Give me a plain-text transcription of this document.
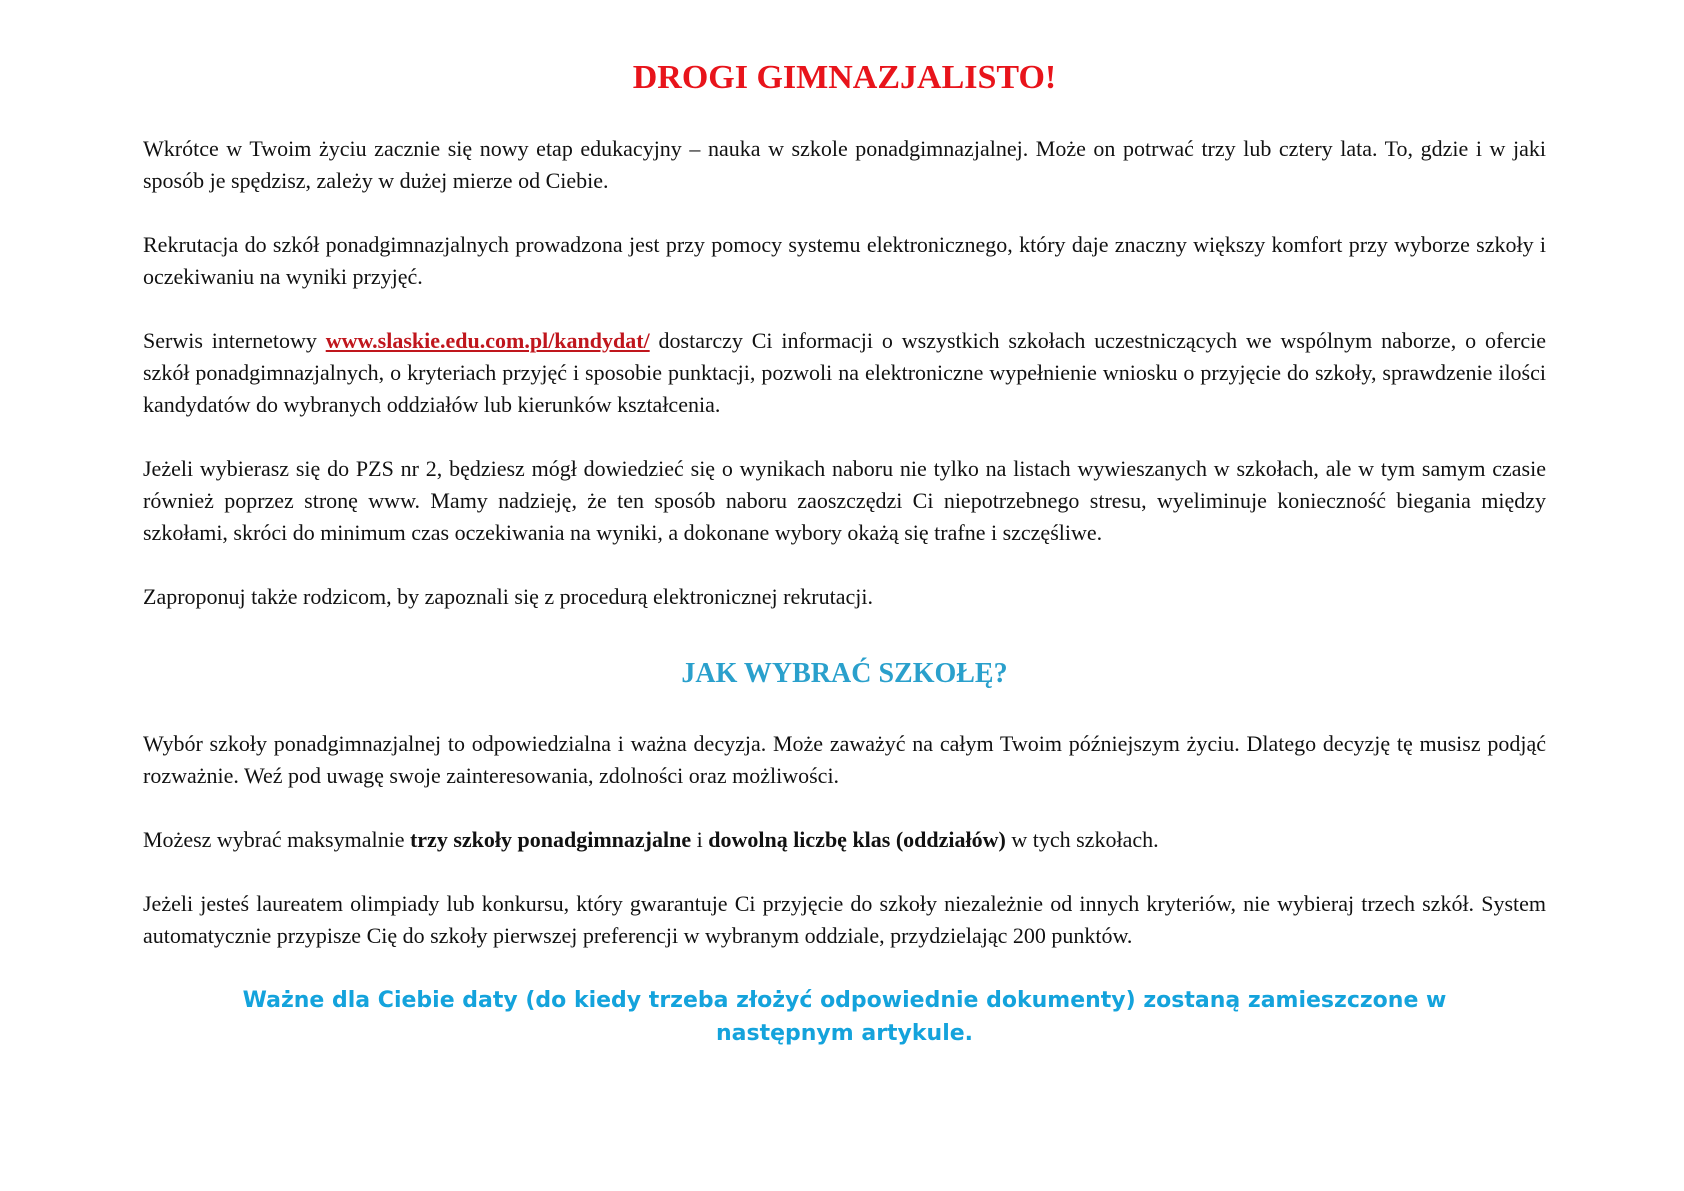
DROGI GIMNAZJALISTO!

Wkrótce w Twoim życiu zacznie się nowy etap edukacyjny – nauka w szkole ponadgimnazjalnej. Może on potrwać trzy lub cztery lata. To, gdzie i w jaki sposób je spędzisz, zależy w dużej mierze od Ciebie.

Rekrutacja do szkół ponadgimnazjalnych prowadzona jest przy pomocy systemu elektronicznego, który daje znaczny większy komfort przy wyborze szkoły i oczekiwaniu na wyniki przyjęć.

Serwis internetowy www.slaskie.edu.com.pl/kandydat/ dostarczy Ci informacji o wszystkich szkołach uczestniczących we wspólnym naborze, o ofercie szkół ponadgimnazjalnych, o kryteriach przyjęć i sposobie punktacji, pozwoli na elektroniczne wypełnienie wniosku o przyjęcie do szkoły, sprawdzenie ilości kandydatów do wybranych oddziałów lub kierunków kształcenia.

Jeżeli wybierasz się do PZS nr 2, będziesz mógł dowiedzieć się o wynikach naboru nie tylko na listach wywieszanych w szkołach, ale w tym samym czasie również poprzez stronę www. Mamy nadzieję, że ten sposób naboru zaoszczędzi Ci niepotrzebnego stresu, wyeliminuje konieczność biegania między szkołami, skróci do minimum czas oczekiwania na wyniki, a dokonane wybory okażą się trafne i szczęśliwe.

Zaproponuj także rodzicom, by zapoznali się z procedurą elektronicznej rekrutacji.

JAK WYBRAĆ SZKOŁĘ?

Wybór szkoły ponadgimnazjalnej to odpowiedzialna i ważna decyzja. Może zaważyć na całym Twoim późniejszym życiu. Dlatego decyzję tę musisz podjąć rozważnie. Weź pod uwagę swoje zainteresowania, zdolności oraz możliwości.

Możesz wybrać maksymalnie trzy szkoły ponadgimnazjalne i dowolną liczbę klas (oddziałów) w tych szkołach.

Jeżeli jesteś laureatem olimpiady lub konkursu, który gwarantuje Ci przyjęcie do szkoły niezależnie od innych kryteriów, nie wybieraj trzech szkół. System automatycznie przypisze Cię do szkoły pierwszej preferencji w wybranym oddziale, przydzielając 200 punktów.

Ważne dla Ciebie daty (do kiedy trzeba złożyć odpowiednie dokumenty) zostaną zamieszczone w następnym artykule.
